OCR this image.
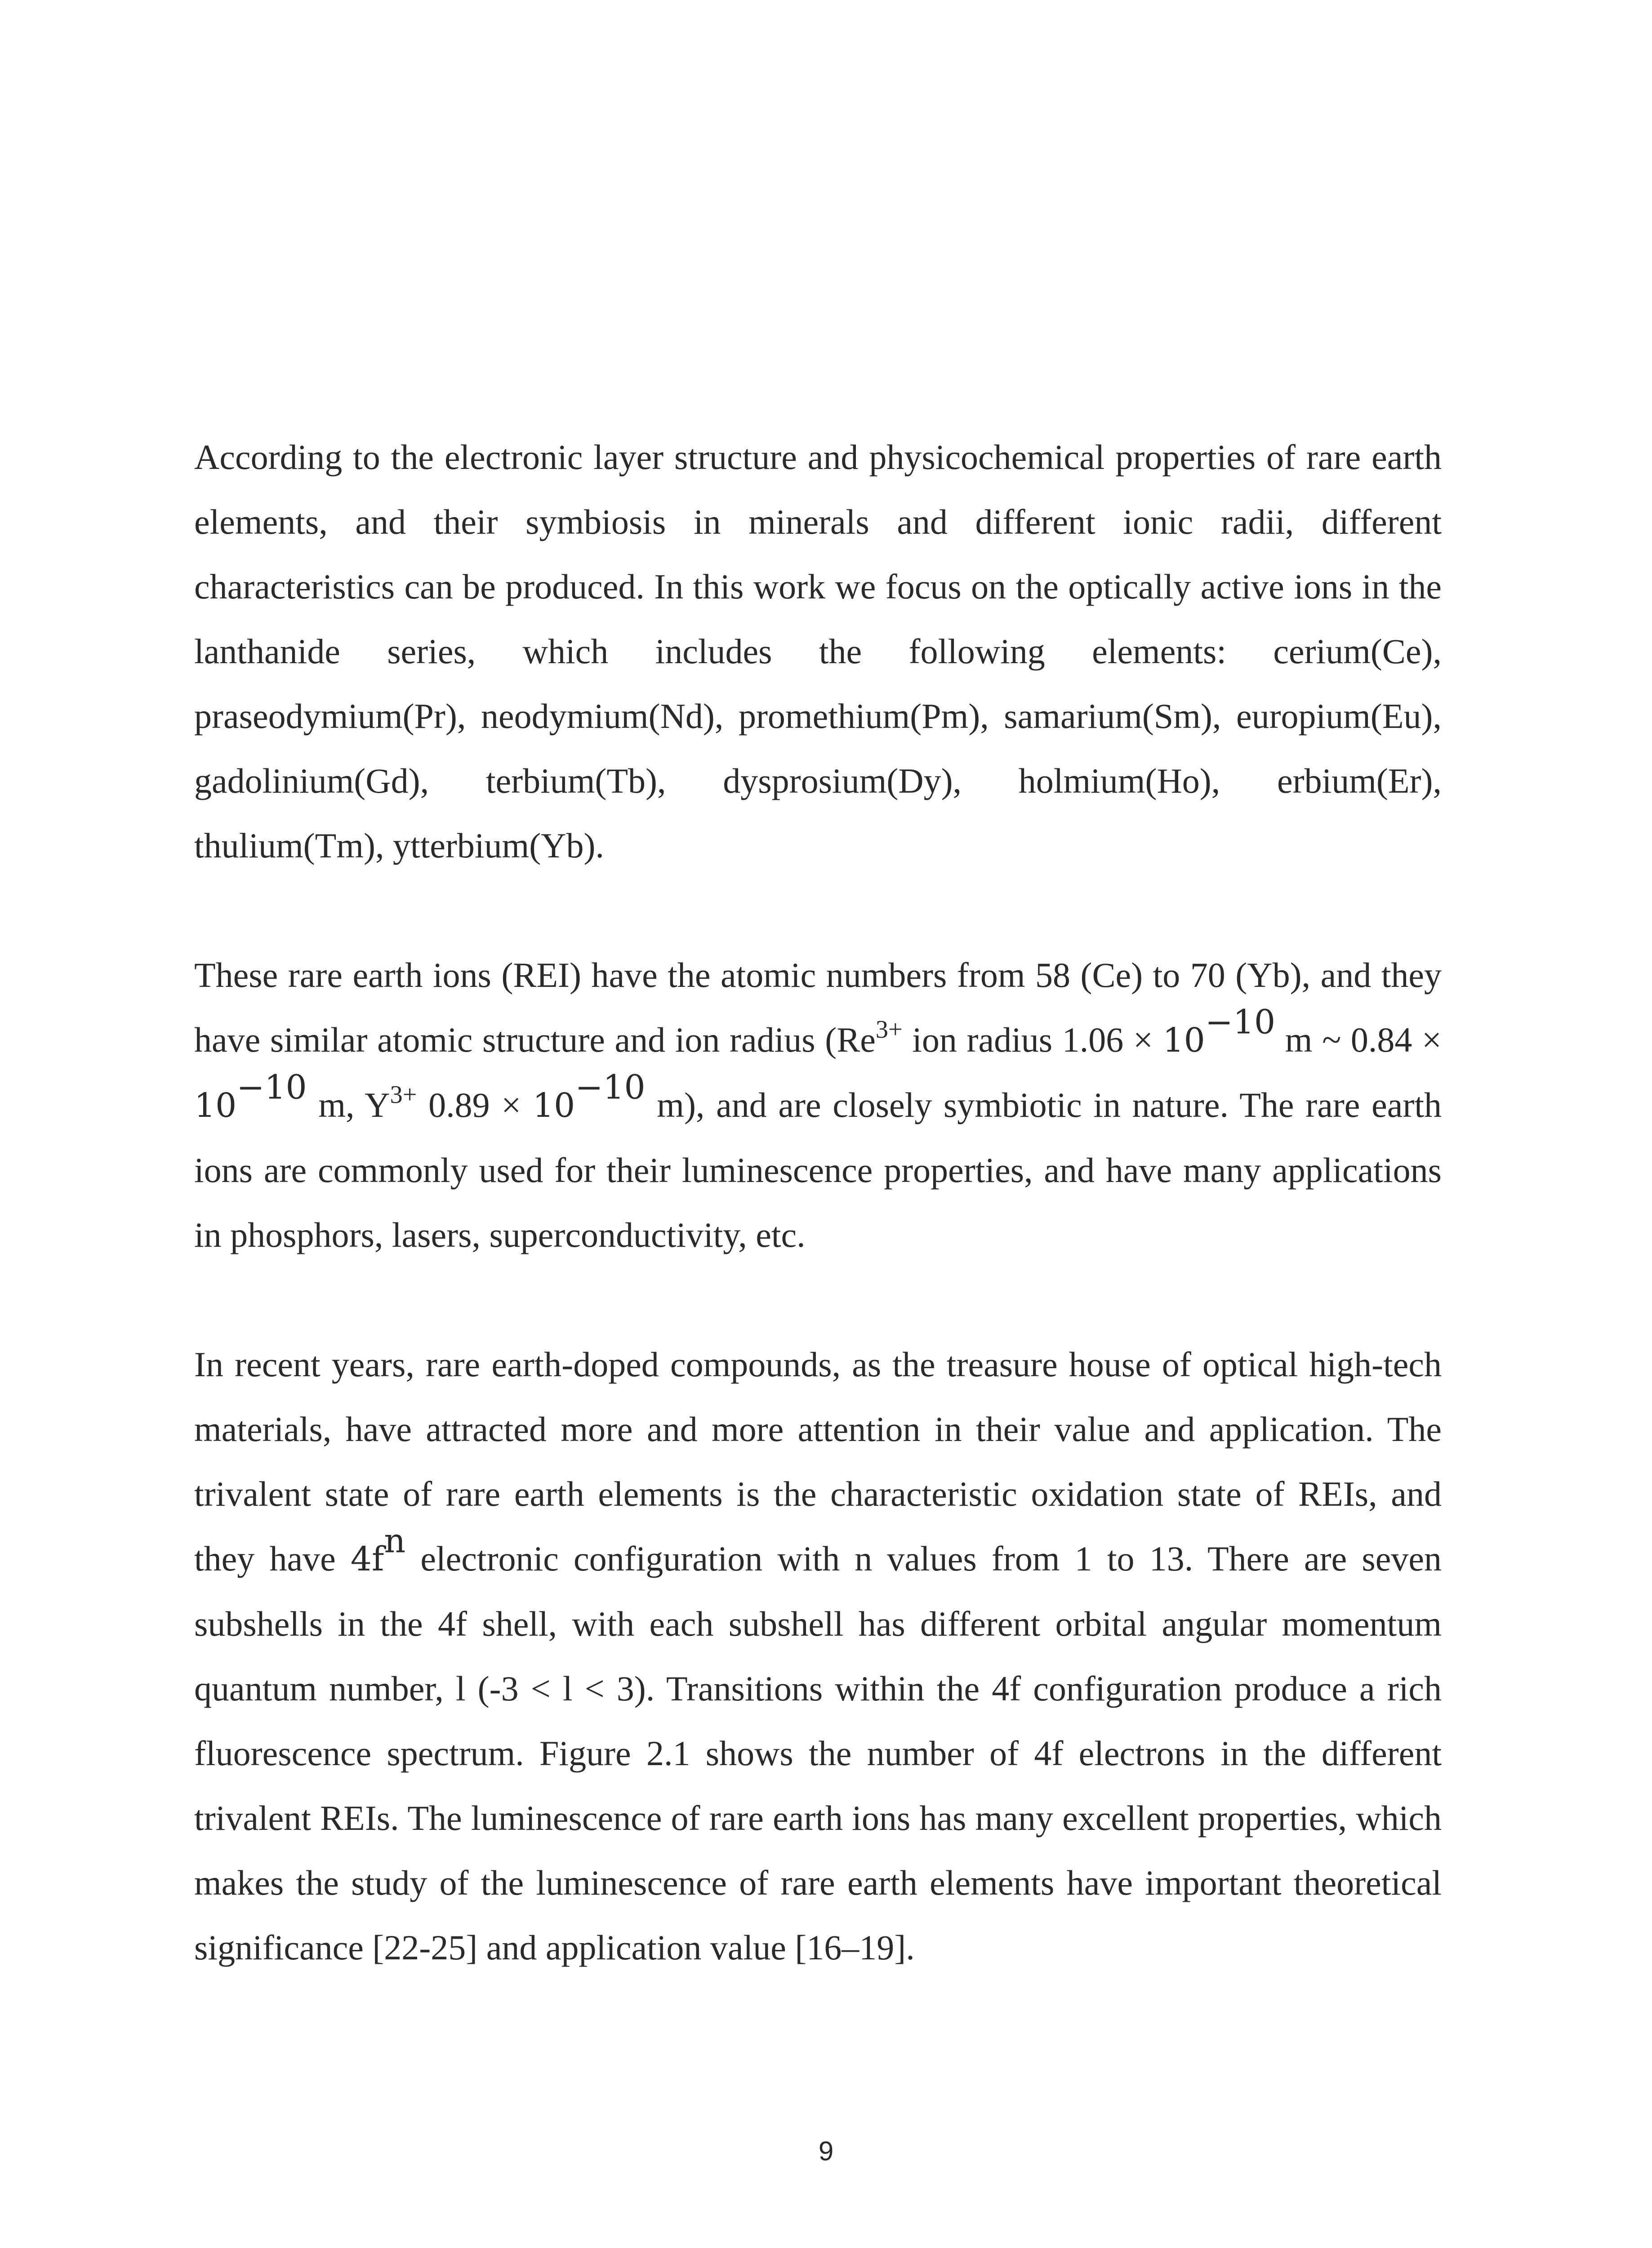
According to the electronic layer structure and physicochemical properties of rare earth elements, and their symbiosis in minerals and different ionic radii, different characteristics can be produced. In this work we focus on the optically active ions in the lanthanide series, which includes the following elements: cerium(Ce), praseodymium(Pr), neodymium(Nd), promethium(Pm), samarium(Sm), europium(Eu), gadolinium(Gd), terbium(Tb), dysprosium(Dy), holmium(Ho), erbium(Er), thulium(Tm), ytterbium(Yb).

These rare earth ions (REI) have the atomic numbers from 58 (Ce) to 70 (Yb), and they have similar atomic structure and ion radius ($Re^{3+}$ ion radius $1.06 \times 10^{-10}$ m ~ $0.84 \times 10^{-10}$ m, $Y^{3+}$ $0.89 \times 10^{-10}$ m), and are closely symbiotic in nature. The rare earth ions are commonly used for their luminescence properties, and have many applications in phosphors, lasers, superconductivity, etc.

In recent years, rare earth-doped compounds, as the treasure house of optical high-tech materials, have attracted more and more attention in their value and application. The trivalent state of rare earth elements is the characteristic oxidation state of REIs, and they have $4f^n$ electronic configuration with n values from 1 to 13. There are seven subshells in the 4f shell, with each subshell has different orbital angular momentum quantum number, l (-3 < l < 3). Transitions within the 4f configuration produce a rich fluorescence spectrum. Figure 2.1 shows the number of 4f electrons in the different trivalent REIs. The luminescence of rare earth ions has many excellent properties, which makes the study of the luminescence of rare earth elements have important theoretical significance [22-25] and application value [16–19].

9
